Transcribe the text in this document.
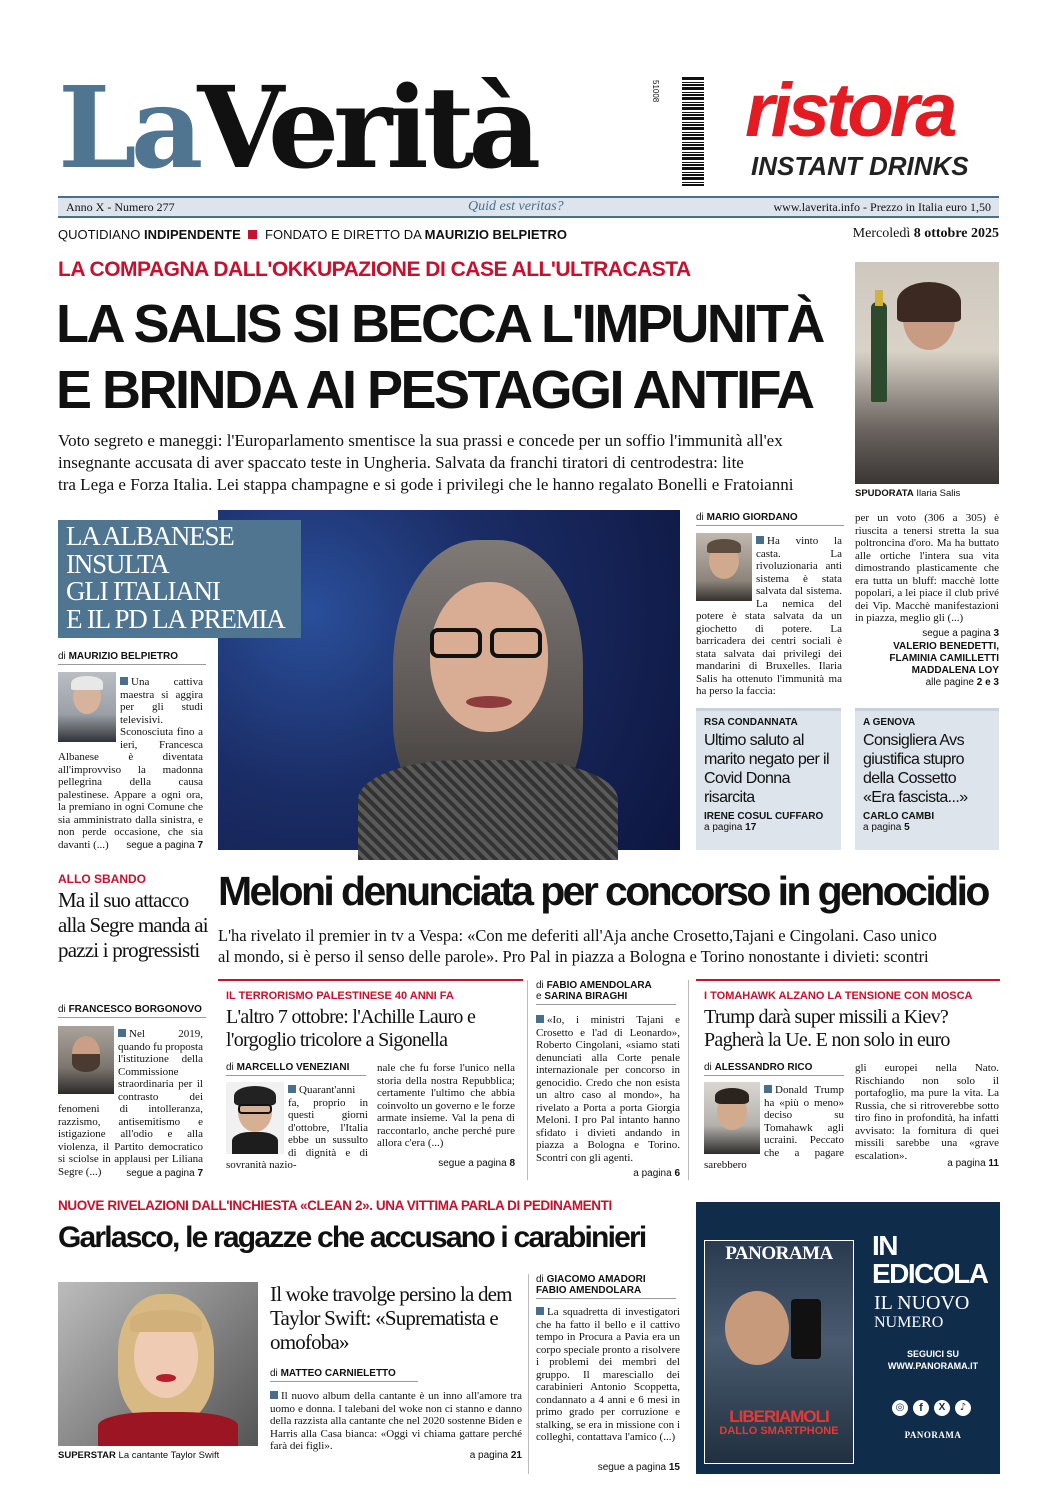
LaVerità	51008 ristora
INSTANT DRINKS
Anno X - Numero 277	Quid est veritas?	www.laverita.info - Prezzo in Italia euro 1,50
QUOTIDIANO INDIPENDENTE FONDATO E DIRETTO DA MAURIZIO BELPIETRO	Mercoledì 8 ottobre 2025
LA COMPAGNA DALL'OKKUPAZIONE DI CASE ALL'ULTRACASTA
LA SALIS SI BECCA L'IMPUNITÀ
E BRINDA AI PESTAGGI ANTIFA
Voto segreto e maneggi: l'Europarlamento smentisce la sua prassi e concede per un soffio l'immunità all'ex
insegnante accusata di aver spaccato teste in Ungheria. Salvata da franchi tiratori di centrodestra: lite
tra Lega e Forza Italia. Lei stappa champagne e si gode i privilegi che le hanno regalato Bonelli e Fratoianni	SPUDORATA Ilaria Salis
LA ALBANESE
INSULTA
GLI ITALIANI
E IL PD LA PREMIA
di MAURIZIO BELPIETRO
Una cattiva maestra si aggira per gli studi televisivi. Sconosciuta fino a ieri, Francesca Albanese è diventata all'improvviso la madonna pellegrina della causa palestinese. Appare a ogni ora, la premiano in ogni Comune che sia amministrato dalla sinistra, e non perde occasione, che sia davanti (...)	segue a pagina 7
di MARIO GIORDANO
Ha vinto la casta. La rivoluzionaria anti sistema è stata salvata dal sistema. La nemica del potere è stata salvata da un giochetto di potere. La barricadera dei centri sociali è stata salvata dai privilegi dei mandarini di Bruxelles. Ilaria Salis ha ottenuto l'immunità ma ha perso la faccia:
per un voto (306 a 305) è riuscita a tenersi stretta la sua poltroncina d'oro. Ma ha buttato alle ortiche l'intera sua vita dimostrando plasticamente che era tutta un bluff: macchè lotte popolari, a lei piace il club privé dei Vip. Macchè manifestazioni in piazza, meglio gli (...)
segue a pagina 3
VALERIO BENEDETTI,
FLAMINIA CAMILLETTI
MADDALENA LOY
alle pagine 2 e 3
RSA CONDANNATA
Ultimo saluto al marito negato per il Covid Donna risarcita
IRENE COSUL CUFFARO
a pagina 17
A GENOVA
Consigliera Avs giustifica stupro della Cossetto «Era fascista...»
CARLO CAMBI
a pagina 5
ALLO SBANDO
Ma il suo attacco alla Segre manda ai pazzi i progressisti
di FRANCESCO BORGONOVO
Nel 2019, quando fu proposta l'istituzione della Commissione straordinaria per il contrasto dei fenomeni di intolleranza, razzismo, antisemitismo e istigazione all'odio e alla violenza, il Partito democratico si sciolse in applausi per Liliana Segre (...)	segue a pagina 7
Meloni denunciata per concorso in genocidio
L'ha rivelato il premier in tv a Vespa: «Con me deferiti all'Aja anche Crosetto,Tajani e Cingolani. Caso unico
al mondo, si è perso il senso delle parole». Pro Pal in piazza a Bologna e Torino nonostante i divieti: scontri
IL TERRORISMO PALESTINESE 40 ANNI FA
L'altro 7 ottobre: l'Achille Lauro e l'orgoglio tricolore a Sigonella
di MARCELLO VENEZIANI
Quarant'anni fa, proprio in questi giorni d'ottobre, l'Italia ebbe un sussulto di dignità e di sovranità nazio-
nale che fu forse l'unico nella storia della nostra Repubblica; certamente l'ultimo che abbia coinvolto un governo e le forze armate insieme. Val la pena di raccontarlo, anche perché pure allora c'era (...)
segue a pagina 8
di FABIO AMENDOLARA
e SARINA BIRAGHI
«Io, i ministri Tajani e Crosetto e l'ad di Leonardo», Roberto Cingolani, «siamo stati denunciati alla Corte penale internazionale per concorso in genocidio. Credo che non esista un altro caso al mondo», ha rivelato a Porta a porta Giorgia Meloni. I pro Pal intanto hanno sfidato i divieti andando in piazza a Bologna e Torino. Scontri con gli agenti.
a pagina 6
I TOMAHAWK ALZANO LA TENSIONE CON MOSCA
Trump darà super missili a Kiev? Pagherà la Ue. E non solo in euro
di ALESSANDRO RICO
Donald Trump ha «più o meno» deciso su Tomahawk agli ucraini. Peccato che a pagare sarebbero
gli europei nella Nato. Rischiando non solo il portafoglio, ma pure la vita. La Russia, che si ritroverebbe sotto tiro fino in profondità, ha infatti avvisato: la fornitura di quei missili sarebbe una «grave escalation».
a pagina 11
NUOVE RIVELAZIONI DALL'INCHIESTA «CLEAN 2». UNA VITTIMA PARLA DI PEDINAMENTI
Garlasco, le ragazze che accusano i carabinieri
SUPERSTAR La cantante Taylor Swift
Il woke travolge persino la dem Taylor Swift: «Suprematista e omofoba»
di MATTEO CARNIELETTO
Il nuovo album della cantante è un inno all'amore tra uomo e donna. I talebani del woke non ci stanno e danno della razzista alla cantante che nel 2020 sostenne Biden e Harris alla Casa bianca: «Oggi vi chiama gattare perché farà dei figli».
a pagina 21
di GIACOMO AMADORI
FABIO AMENDOLARA
La squadretta di investigatori che ha fatto il bello e il cattivo tempo in Procura a Pavia era un corpo speciale pronto a risolvere i problemi dei membri del gruppo. Il maresciallo dei carabinieri Antonio Scoppetta, condannato a 4 anni e 6 mesi in primo grado per corruzione e stalking, se era in missione con i colleghi, contattava l'amico (...)
segue a pagina 15
PANORAMA
LIBERIAMOLI
DALLO SMARTPHONE
IN
EDICOLA
IL NUOVO
NUMERO
SEGUICI SU
WWW.PANORAMA.IT
◎	f	X	♪
PANORAMA
